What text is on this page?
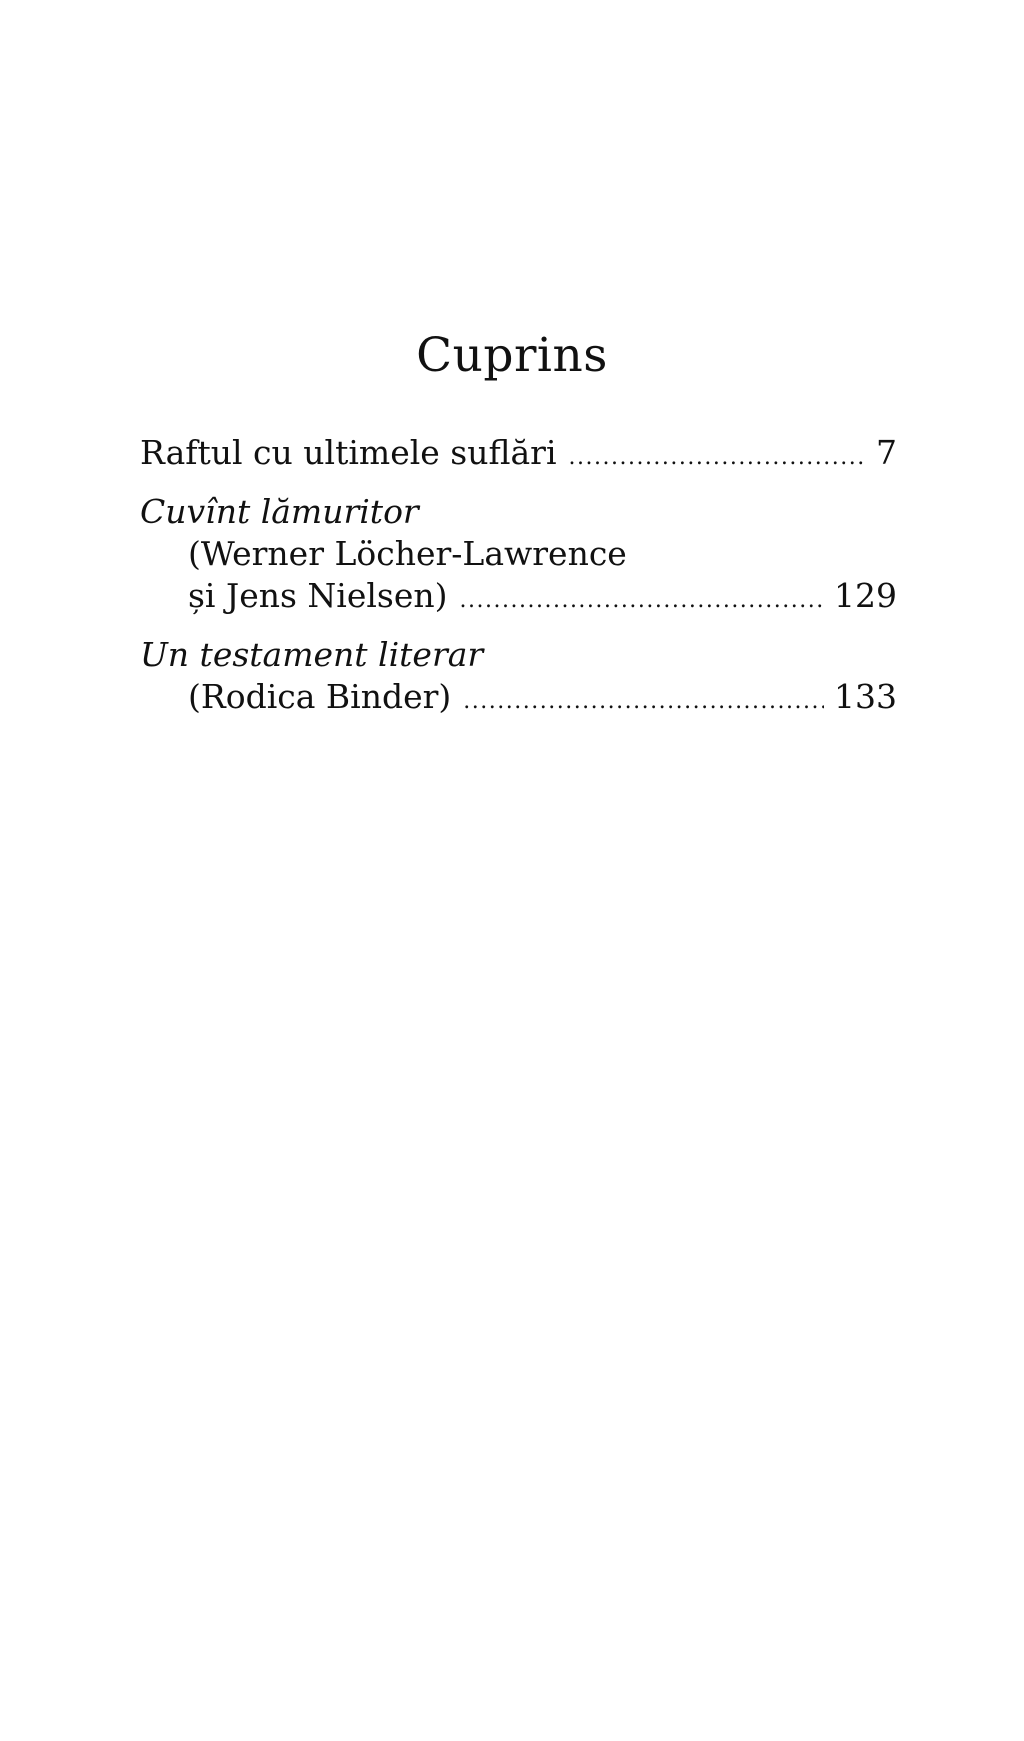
Cuprins
Raftul cu ultimele suflări .....	7
Cuvînt lămuritor
(Werner Löcher-Lawrence
și Jens Nielsen) .....	129
Un testament literar
(Rodica Binder) .....	133
